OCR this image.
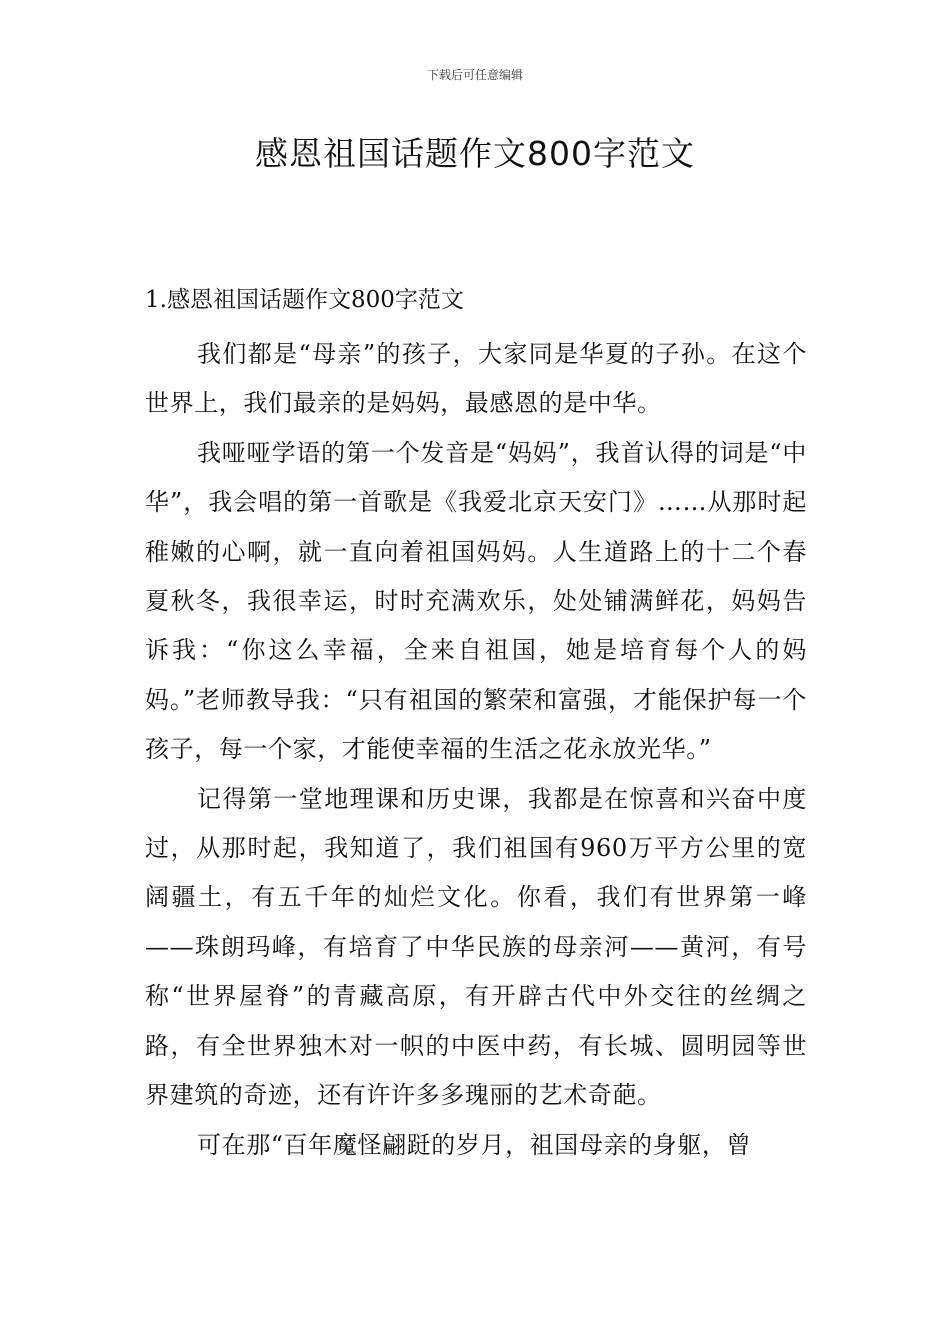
下载后可任意编辑
感恩祖国话题作文800字范文
1.感恩祖国话题作文800字范文

我们都是“母亲”的孩子，大家同是华夏的子孙。在这个世界上，我们最亲的是妈妈，最感恩的是中华。

我哑哑学语的第一个发音是“妈妈”，我首认得的词是“中华”，我会唱的第一首歌是《我爱北京天安门》……从那时起稚嫩的心啊，就一直向着祖国妈妈。人生道路上的十二个春夏秋冬，我很幸运，时时充满欢乐，处处铺满鲜花，妈妈告诉我：“你这么幸福，全来自祖国，她是培育每个人的妈妈。”老师教导我：“只有祖国的繁荣和富强，才能保护每一个孩子，每一个家，才能使幸福的生活之花永放光华。”

记得第一堂地理课和历史课，我都是在惊喜和兴奋中度过，从那时起，我知道了，我们祖国有960万平方公里的宽阔疆土，有五千年的灿烂文化。你看，我们有世界第一峰——珠朗玛峰，有培育了中华民族的母亲河——黄河，有号称“世界屋脊”的青藏高原，有开辟古代中外交往的丝绸之路，有全世界独木对一帜的中医中药，有长城、圆明园等世界建筑的奇迹，还有许许多多瑰丽的艺术奇葩。

可在那“百年魔怪翩跹的岁月，祖国母亲的身躯，曾
